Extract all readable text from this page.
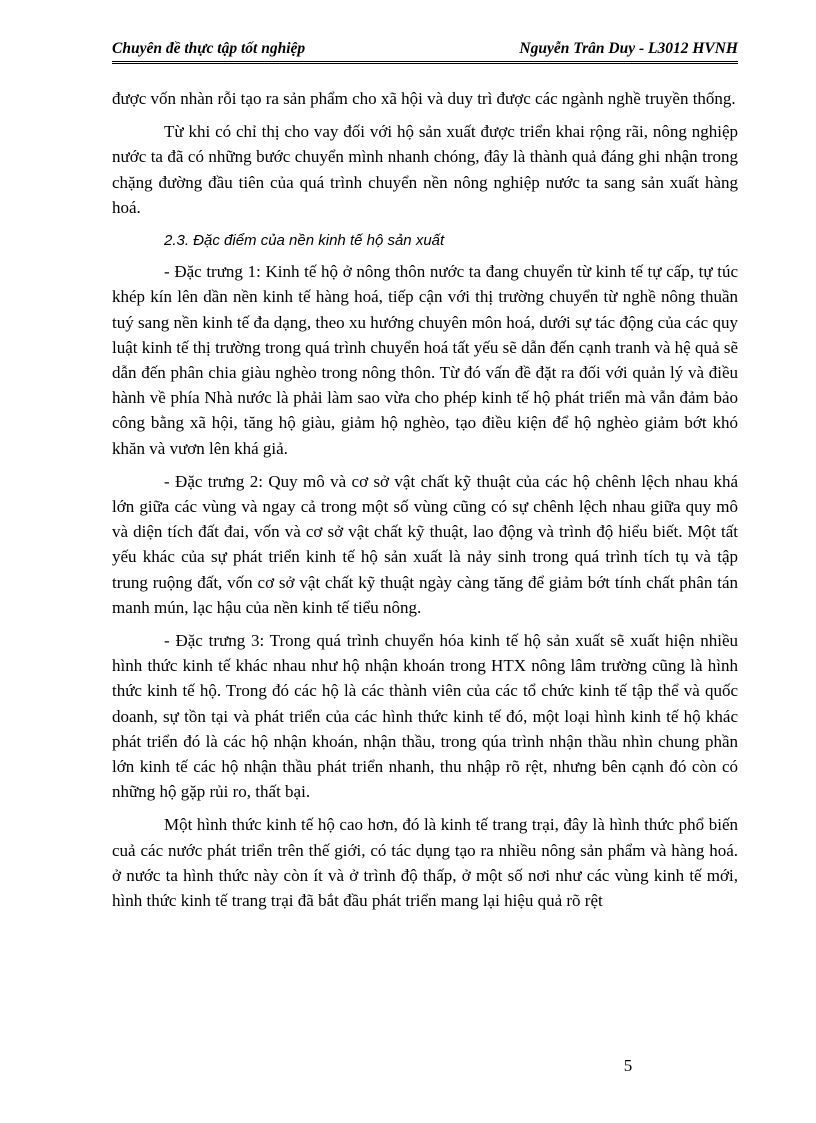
Chuyên đề thực tập tốt nghiệp	Nguyễn Trân Duy - L3012 HVNH

được vốn nhàn rỗi tạo ra sản phẩm cho xã hội và duy trì được các ngành nghề truyền thống.

Từ khi có chỉ thị cho vay đối với hộ sản xuất được triển khai rộng rãi, nông nghiệp nước ta đã có những bước chuyển mình nhanh chóng, đây là thành quả đáng ghi nhận trong chặng đường đầu tiên của quá trình chuyển nền nông nghiệp nước ta sang sản xuất hàng hoá.

2.3. Đặc điểm của nền kinh tế hộ sản xuất

- Đặc trưng 1: Kinh tế hộ ở nông thôn nước ta đang chuyển từ kinh tế tự cấp, tự túc khép kín lên dần nền kinh tế hàng hoá, tiếp cận với thị trường chuyển từ nghề nông thuần tuý sang nền kinh tế đa dạng, theo xu hướng chuyên môn hoá, dưới sự tác động của các quy luật kinh tế thị trường trong quá trình chuyển hoá tất yếu sẽ dẫn đến cạnh tranh và hệ quả sẽ dẫn đến phân chia giàu nghèo trong nông thôn. Từ đó vấn đề đặt ra đối với quản lý và điều hành về phía Nhà nước là phải làm sao vừa cho phép kinh tế hộ phát triển mà vẫn đảm bảo công bằng xã hội, tăng hộ giàu, giảm hộ nghèo, tạo điều kiện để hộ nghèo giảm bớt khó khăn và vươn lên khá giả.

- Đặc trưng 2: Quy mô và cơ sở vật chất kỹ thuật của các hộ chênh lệch nhau khá lớn giữa các vùng và ngay cả trong một số vùng cũng có sự chênh lệch nhau giữa quy mô và diện tích đất đai, vốn và cơ sở vật chất kỹ thuật, lao động và trình độ hiểu biết. Một tất yếu khác của sự phát triển kinh tế hộ sản xuất là nảy sinh trong quá trình tích tụ và tập trung ruộng đất, vốn cơ sở vật chất kỹ thuật ngày càng tăng để giảm bớt tính chất phân tán manh mún, lạc hậu của nền kinh tế tiểu nông.

- Đặc trưng 3: Trong quá trình chuyển hóa kinh tế hộ sản xuất sẽ xuất hiện nhiều hình thức kinh tế khác nhau như hộ nhận khoán trong HTX nông lâm trường cũng là hình thức kinh tế hộ. Trong đó các hộ là các thành viên của các tổ chức kinh tế tập thể và quốc doanh, sự tồn tại và phát triển của các hình thức kinh tế đó, một loại hình kinh tế hộ khác phát triển đó là các hộ nhận khoán, nhận thầu, trong qúa trình nhận thầu nhìn chung phần lớn kinh tế các hộ nhận thầu phát triển nhanh, thu nhập rõ rệt, nhưng bên cạnh đó còn có những hộ gặp rủi ro, thất bại.

Một hình thức kinh tế hộ cao hơn, đó là kinh tế trang trại, đây là hình thức phổ biến cuả các nước phát triển trên thế giới, có tác dụng tạo ra nhiều nông sản phẩm và hàng hoá. ở nước ta hình thức này còn ít và ở trình độ thấp, ở một số nơi như các vùng kinh tế mới, hình thức kinh tế trang trại đã bắt đầu phát triển mang lại hiệu quả rõ rệt

5
